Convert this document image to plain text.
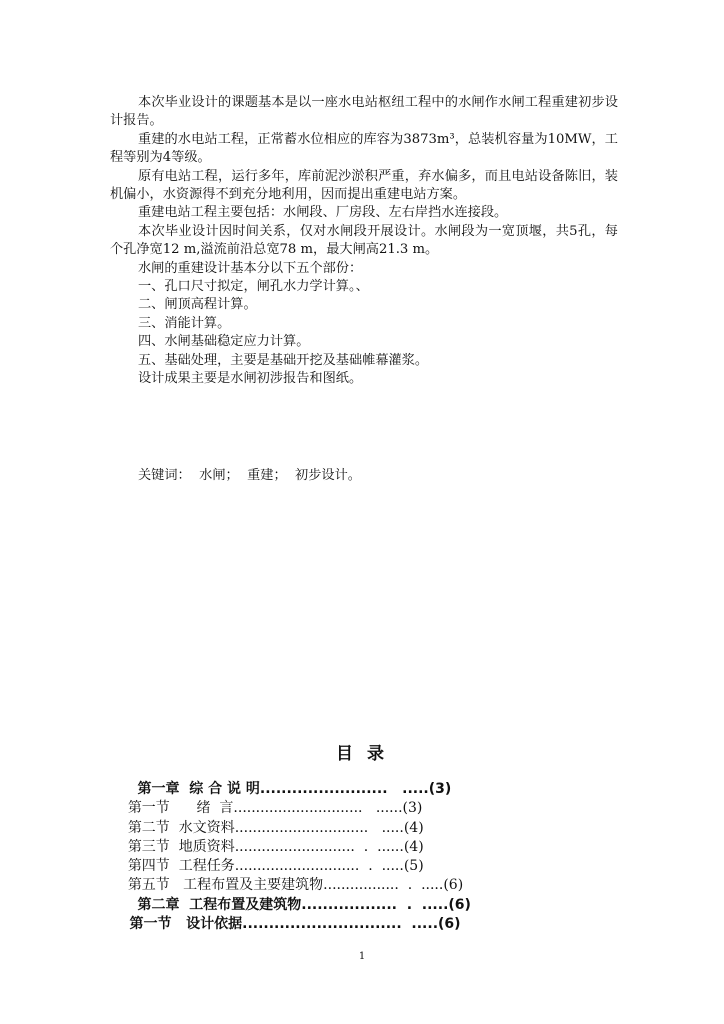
本次毕业设计的课题基本是以一座水电站枢纽工程中的水闸作水闸工程重建初步设计报告。

重建的水电站工程，正常蓄水位相应的库容为3873m³，总装机容量为10MW，工程等别为4等级。

原有电站工程，运行多年，库前泥沙淤积严重，弃水偏多，而且电站设备陈旧，装机偏小，水资源得不到充分地利用，因而提出重建电站方案。

重建电站工程主要包括：水闸段、厂房段、左右岸挡水连接段。

本次毕业设计因时间关系，仅对水闸段开展设计。水闸段为一宽顶堰，共5孔，每个孔净宽12 m,溢流前沿总宽78 m，最大闸高21.3 m。

水闸的重建设计基本分以下五个部份：

一、孔口尺寸拟定，闸孔水力学计算。、

二、闸顶高程计算。

三、消能计算。

四、水闸基础稳定应力计算。

五、基础处理，主要是基础开挖及基础帷幕灌浆。

设计成果主要是水闸初涉报告和图纸。

关键词：  水闸；  重建；  初步设计。
目 录

第一章  综 合 说 明........................   .....(3)

第一节      绪  言.............................   ......(3)

第二节  水文资料..............................   .....(4)

第三节  地质资料...........................  .  ......(4)

第四节  工程任务............................  .  .....(5)

第五节   工程布置及主要建筑物.................  .  .....(6)

第二章  工程布置及建筑物..................  .  .....(6)

第一节   设计依据..............................  .....(6)

1
